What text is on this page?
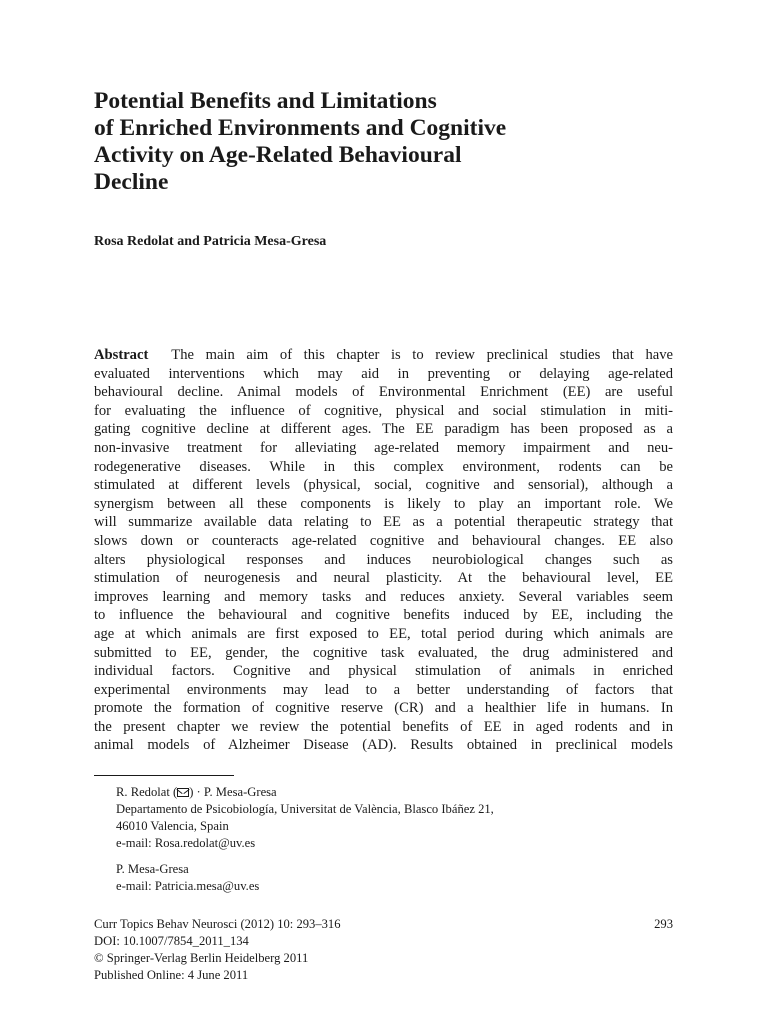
Potential Benefits and Limitations
of Enriched Environments and Cognitive
Activity on Age-Related Behavioural
Decline

Rosa Redolat and Patricia Mesa-Gresa

Abstract The main aim of this chapter is to review preclinical studies that have
evaluated interventions which may aid in preventing or delaying age-related
behavioural decline. Animal models of Environmental Enrichment (EE) are useful
for evaluating the influence of cognitive, physical and social stimulation in miti-
gating cognitive decline at different ages. The EE paradigm has been proposed as a
non-invasive treatment for alleviating age-related memory impairment and neu-
rodegenerative diseases. While in this complex environment, rodents can be
stimulated at different levels (physical, social, cognitive and sensorial), although a
synergism between all these components is likely to play an important role. We
will summarize available data relating to EE as a potential therapeutic strategy that
slows down or counteracts age-related cognitive and behavioural changes. EE also
alters physiological responses and induces neurobiological changes such as
stimulation of neurogenesis and neural plasticity. At the behavioural level, EE
improves learning and memory tasks and reduces anxiety. Several variables seem
to influence the behavioural and cognitive benefits induced by EE, including the
age at which animals are first exposed to EE, total period during which animals are
submitted to EE, gender, the cognitive task evaluated, the drug administered and
individual factors. Cognitive and physical stimulation of animals in enriched
experimental environments may lead to a better understanding of factors that
promote the formation of cognitive reserve (CR) and a healthier life in humans. In
the present chapter we review the potential benefits of EE in aged rodents and in
animal models of Alzheimer Disease (AD). Results obtained in preclinical models
R. Redolat ( ) · P. Mesa-Gresa
Departamento de Psicobiología, Universitat de València, Blasco Ibáñez 21,
46010 Valencia, Spain
e-mail: Rosa.redolat@uv.es
P. Mesa-Gresa
e-mail: Patricia.mesa@uv.es
Curr Topics Behav Neurosci (2012) 10: 293–316
DOI: 10.1007/7854_2011_134
© Springer-Verlag Berlin Heidelberg 2011
Published Online: 4 June 2011
293
